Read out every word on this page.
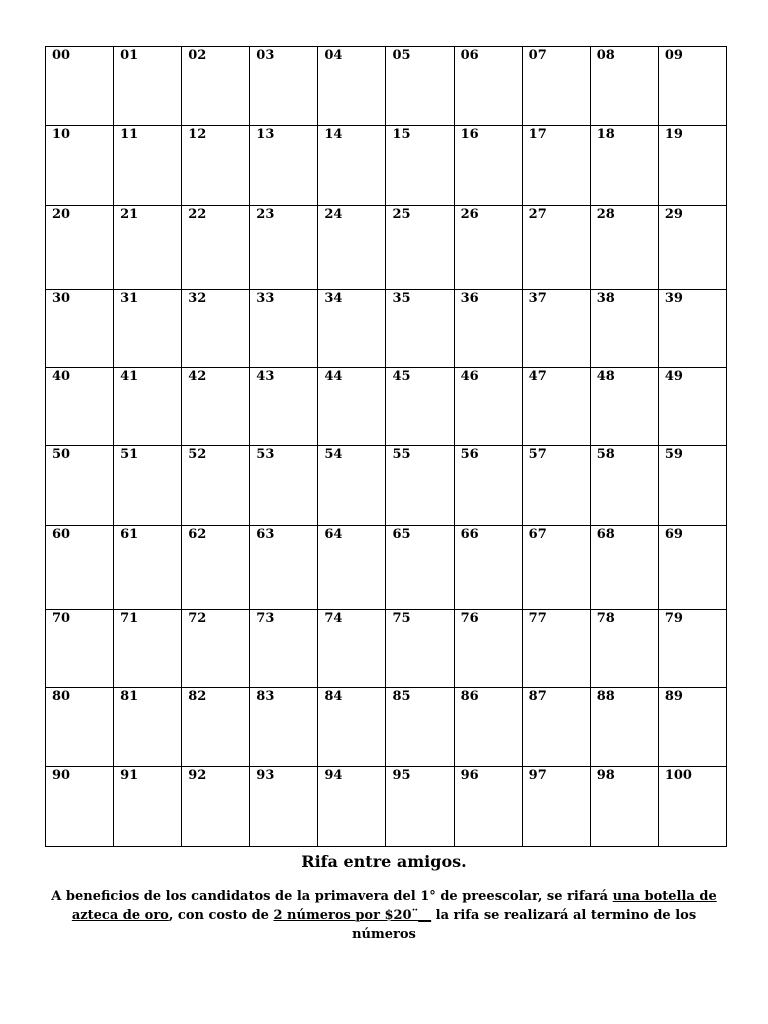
00	01	02	03	04	05	06	07	08	09

10	11	12	13	14	15	16	17	18	19

20	21	22	23	24	25	26	27	28	29

30	31	32	33	34	35	36	37	38	39

40	41	42	43	44	45	46	47	48	49

50	51	52	53	54	55	56	57	58	59

60	61	62	63	64	65	66	67	68	69

70	71	72	73	74	75	76	77	78	79

80	81	82	83	84	85	86	87	88	89

90	91	92	93	94	95	96	97	98	100
Rifa entre amigos.

A beneficios de los candidatos de la primavera del 1° de preescolar, se rifará una botella de azteca de oro, con costo de 2 números por $20¨__ la rifa se realizará al termino de los números
